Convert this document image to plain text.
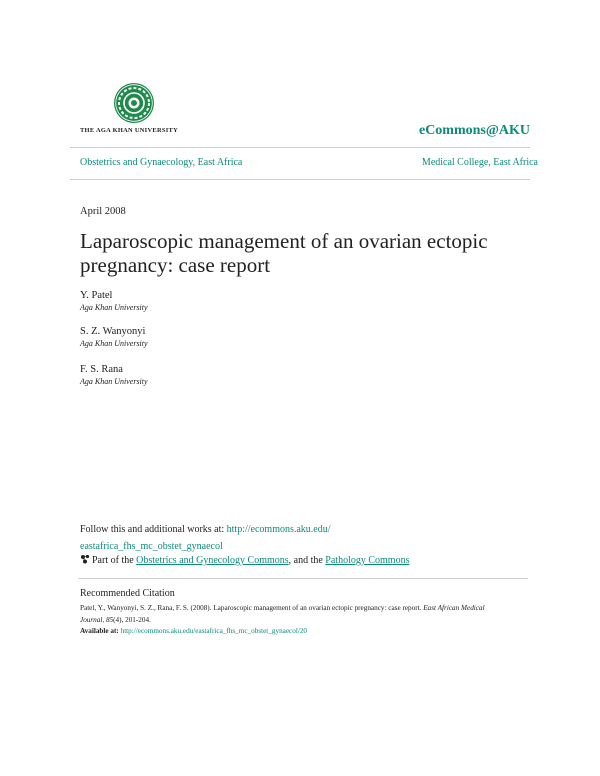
THE AGA KHAN UNIVERSITY	eCommons@AKU
Obstetrics and Gynaecology, East Africa	Medical College, East Africa
April 2008
Laparoscopic management of an ovarian ectopic
pregnancy: case report
Y. Patel
Aga Khan University
S. Z. Wanyonyi
Aga Khan University
F. S. Rana
Aga Khan University
Follow this and additional works at: http://ecommons.aku.edu/
eastafrica_fhs_mc_obstet_gynaecol
Part of the Obstetrics and Gynecology Commons, and the Pathology Commons
Recommended Citation
Patel, Y., Wanyonyi, S. Z., Rana, F. S. (2008). Laparoscopic management of an ovarian ectopic pregnancy: case report. East African Medical Journal, 85(4), 201-204.
Available at: http://ecommons.aku.edu/eastafrica_fhs_mc_obstet_gynaecol/20
